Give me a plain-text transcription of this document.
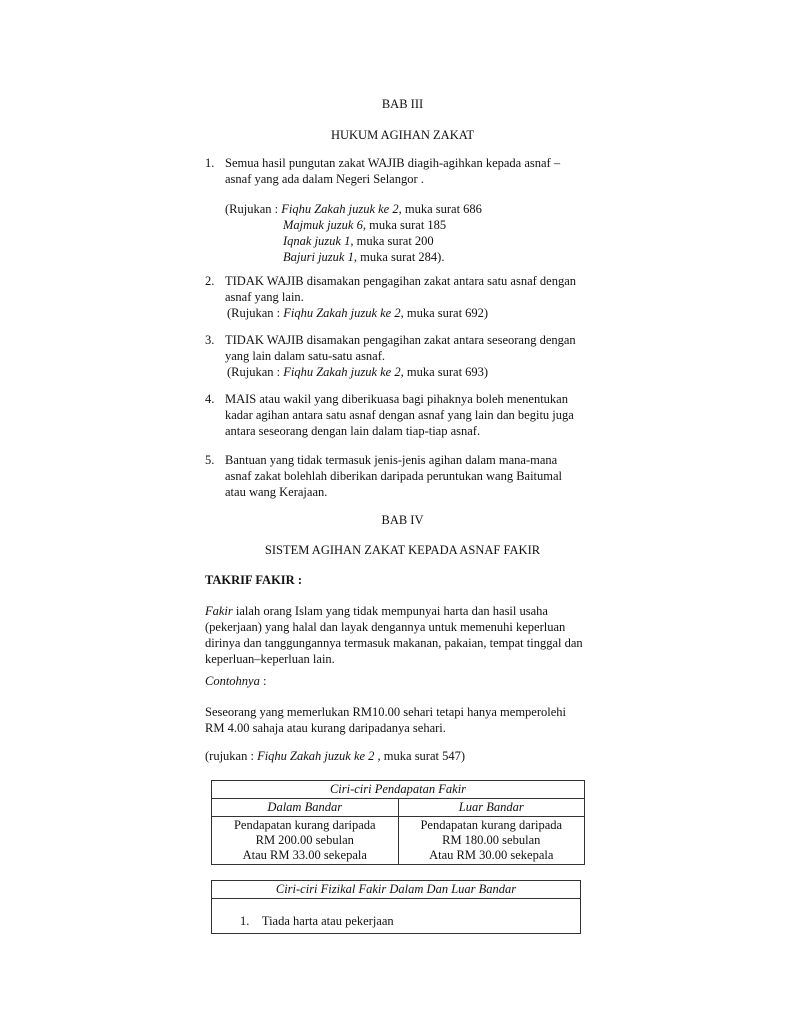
BAB III
HUKUM AGIHAN ZAKAT
1. Semua hasil pungutan zakat WAJIB diagih-agihkan kepada asnaf –
asnaf yang ada dalam Negeri Selangor .
(Rujukan : Fiqhu Zakah juzuk ke 2, muka surat 686
Majmuk juzuk 6, muka surat 185
Iqnak juzuk 1, muka surat 200
Bajuri juzuk 1, muka surat 284).
2. TIDAK WAJIB disamakan pengagihan zakat antara satu asnaf dengan
asnaf yang lain.
(Rujukan : Fiqhu Zakah juzuk ke 2, muka surat 692)
3. TIDAK WAJIB disamakan pengagihan zakat antara seseorang dengan
yang lain dalam satu-satu asnaf.
(Rujukan : Fiqhu Zakah juzuk ke 2, muka surat 693)
4. MAIS atau wakil yang diberikuasa bagi pihaknya boleh menentukan
kadar agihan antara satu asnaf dengan asnaf yang lain dan begitu juga
antara seseorang dengan lain dalam tiap-tiap asnaf.
5. Bantuan yang tidak termasuk jenis-jenis agihan dalam mana-mana
asnaf zakat bolehlah diberikan daripada peruntukan wang Baitumal
atau wang Kerajaan.
BAB IV
SISTEM AGIHAN ZAKAT KEPADA ASNAF FAKIR
TAKRIF FAKIR :
Fakir ialah orang Islam yang tidak mempunyai harta dan hasil usaha
(pekerjaan) yang halal dan layak dengannya untuk memenuhi keperluan
dirinya dan tanggungannya termasuk makanan, pakaian, tempat tinggal dan
keperluan–keperluan lain.
Contohnya :
Seseorang yang memerlukan RM10.00 sehari tetapi hanya memperolehi
RM 4.00 sahaja atau kurang daripadanya sehari.
(rujukan : Fiqhu Zakah juzuk ke 2 , muka surat 547)
Ciri-ciri Pendapatan Fakir	
Dalam Bandar	Luar Bandar

Pendapatan kurang daripada
RM 200.00 sebulan
Atau RM 33.00 sekepala	Pendapatan kurang daripada
RM 180.00 sebulan
Atau RM 30.00 sekepala
Ciri-ciri Fizikal Fakir Dalam Dan Luar Bandar
1. Tiada harta atau pekerjaan
